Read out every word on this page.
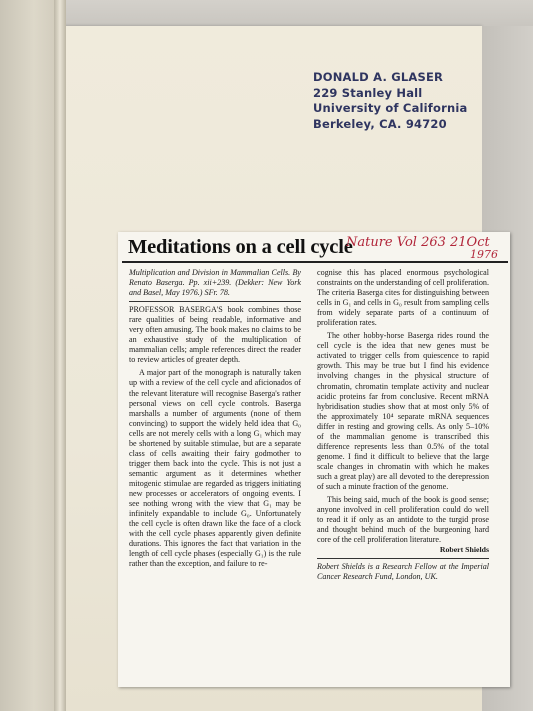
DONALD A. GLASER
229 Stanley Hall
University of California
Berkeley, CA. 94720
Meditations on a cell cycle
Nature Vol 263 21Oct
1976

Multiplication and Division in Mammalian Cells. By Renato Baserga. Pp. xii+239. (Dekker: New York and Basel, May 1976.) SFr. 78.

PROFESSOR BASERGA'S book combines those rare qualities of being readable, informative and very often amusing. The book makes no claims to be an exhaustive study of the multiplication of mammalian cells; ample references direct the reader to review articles of greater depth.

A major part of the monograph is naturally taken up with a review of the cell cycle and aficionados of the relevant literature will recognise Baserga's rather personal views on cell cycle controls. Baserga marshalls a number of arguments (none of them convincing) to support the widely held idea that G₀ cells are not merely cells with a long G₁ which may be shortened by suitable stimulae, but are a separate class of cells awaiting their fairy godmother to trigger them back into the cycle. This is not just a semantic argument as it determines whether mitogenic stimulae are regarded as triggers initiating new processes or accelerators of ongoing events. I see nothing wrong with the view that G₁ may be infinitely expandable to include G₀. Unfortunately the cell cycle is often drawn like the face of a clock with the cell cycle phases apparently given definite durations. This ignores the fact that variation in the length of cell cycle phases (especially G₁) is the rule rather than the exception, and failure to re-

cognise this has placed enormous psychological constraints on the understanding of cell proliferation. The criteria Baserga cites for distinguishing between cells in G₁ and cells in G₀ result from sampling cells from widely separate parts of a continuum of proliferation rates.

The other hobby-horse Baserga rides round the cell cycle is the idea that new genes must be activated to trigger cells from quiescence to rapid growth. This may be true but I find his evidence involving changes in the physical structure of chromatin, chromatin template activity and nuclear acidic proteins far from conclusive. Recent mRNA hybridisation studies show that at most only 5% of the approximately 10⁴ separate mRNA sequences differ in resting and growing cells. As only 5–10% of the mammalian genome is transcribed this difference represents less than 0.5% of the total genome. I find it difficult to believe that the large scale changes in chromatin with which he makes such a great play) are all devoted to the derepression of such a minute fraction of the genome.

This being said, much of the book is good sense; anyone involved in cell proliferation could do well to read it if only as an antidote to the turgid prose and thought behind much of the burgeoning hard core of the cell proliferation literature.

Robert Shields

Robert Shields is a Research Fellow at the Imperial Cancer Research Fund, London, UK.
